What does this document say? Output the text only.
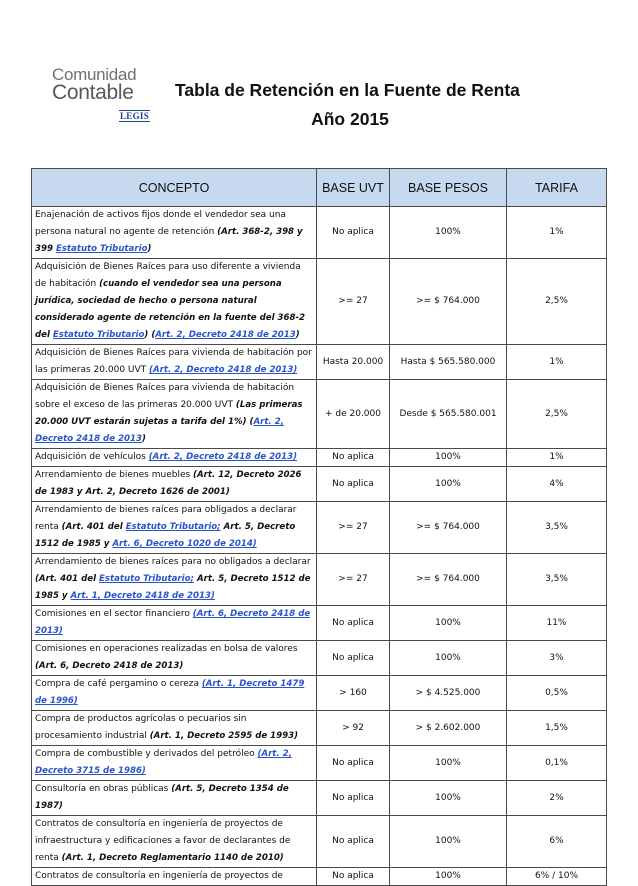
Comunidad
Contable
LEGIS
Tabla de Retención en la Fuente de Renta
Año 2015
CONCEPTO	BASE UVT	BASE PESOS	TARIFA
Enajenación de activos fijos donde el vendedor sea una persona natural no agente de retención (Art. 368-2, 398 y 399 Estatuto Tributario)	No aplica	100%	1%
Adquisición de Bienes Raíces para uso diferente a vivienda de habitación (cuando el vendedor sea una persona jurídica, sociedad de hecho o persona natural considerado agente de retención en la fuente del 368-2 del Estatuto Tributario) (Art. 2, Decreto 2418 de 2013)	>= 27	>= $ 764.000	2,5%
Adquisición de Bienes Raíces para vivienda de habitación por las primeras 20.000 UVT (Art. 2, Decreto 2418 de 2013)	Hasta 20.000	Hasta $ 565.580.000	1%
Adquisición de Bienes Raíces para vivienda de habitación sobre el exceso de las primeras 20.000 UVT (Las primeras 20.000 UVT estarán sujetas a tarifa del 1%) (Art. 2, Decreto 2418 de 2013)	+ de 20.000	Desde $ 565.580.001	2,5%
Adquisición de vehículos (Art. 2, Decreto 2418 de 2013)	No aplica	100%	1%
Arrendamiento de bienes muebles (Art. 12, Decreto 2026 de 1983 y Art. 2, Decreto 1626 de 2001)	No aplica	100%	4%
Arrendamiento de bienes raíces para obligados a declarar renta (Art. 401 del Estatuto Tributario; Art. 5, Decreto 1512 de 1985 y Art. 6, Decreto 1020 de 2014)	>= 27	>= $ 764.000	3,5%
Arrendamiento de bienes raíces para no obligados a declarar (Art. 401 del Estatuto Tributario; Art. 5, Decreto 1512 de 1985 y Art. 1, Decreto 2418 de 2013)	>= 27	>= $ 764.000	3,5%
Comisiones en el sector financiero (Art. 6, Decreto 2418 de 2013)	No aplica	100%	11%
Comisiones en operaciones realizadas en bolsa de valores (Art. 6, Decreto 2418 de 2013)	No aplica	100%	3%
Compra de café pergamino o cereza (Art. 1, Decreto 1479 de 1996)	> 160	> $ 4.525.000	0,5%
Compra de productos agrícolas o pecuarios sin procesamiento industrial (Art. 1, Decreto 2595 de 1993)	> 92	> $ 2.602.000	1,5%
Compra de combustible y derivados del petróleo (Art. 2, Decreto 3715 de 1986)	No aplica	100%	0,1%
Consultoría en obras públicas (Art. 5, Decreto 1354 de 1987)	No aplica	100%	2%
Contratos de consultoría en ingeniería de proyectos de infraestructura y edificaciones a favor de declarantes de renta (Art. 1, Decreto Reglamentario 1140 de 2010)	No aplica	100%	6%
Contratos de consultoría en ingeniería de proyectos de	No aplica	100%	6% / 10%
